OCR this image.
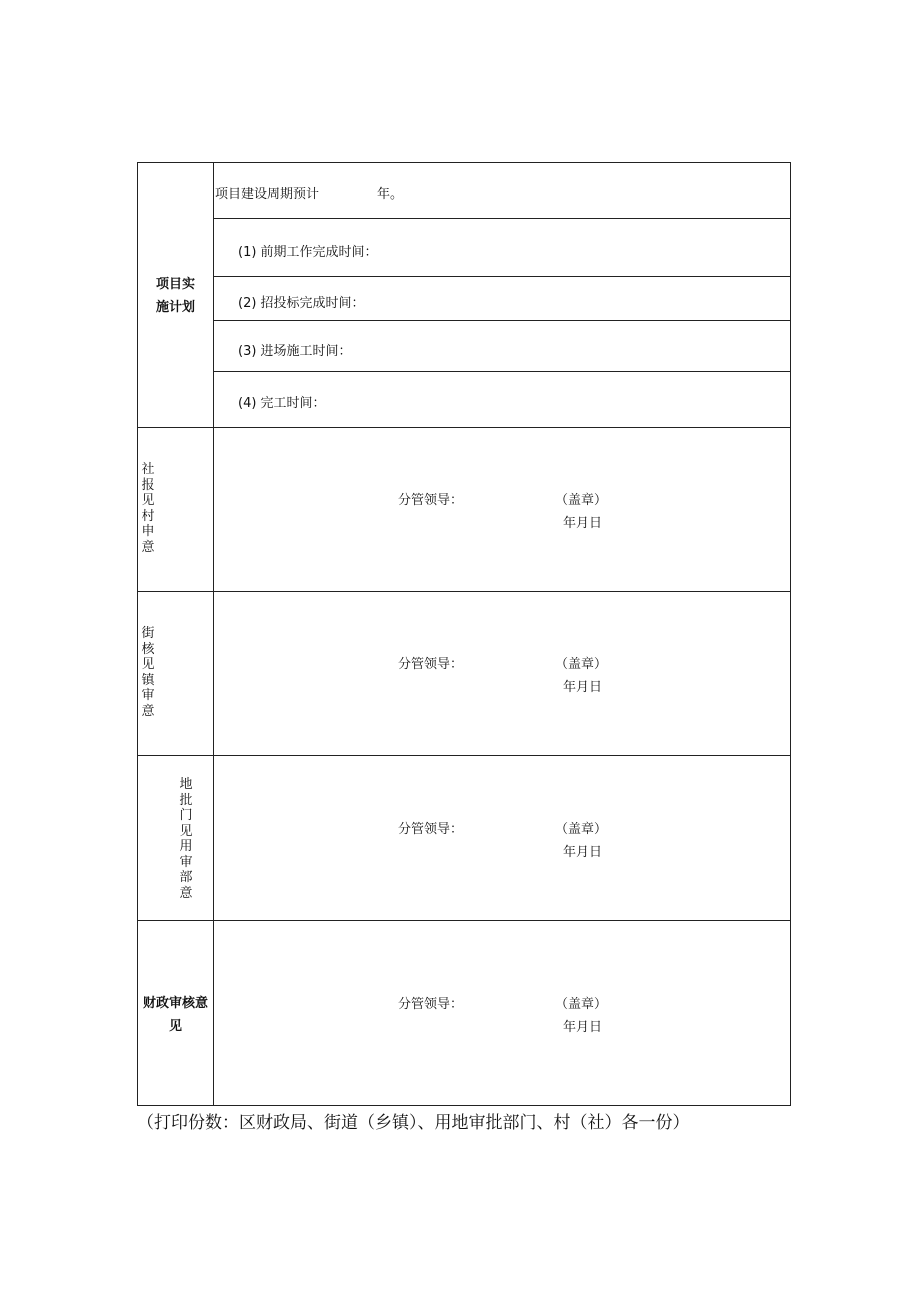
项目实
施计划
项目建设周期预计	年。
(1) 前期工作完成时间：
(2) 招投标完成时间：
(3) 进场施工时间：
(4) 完工时间：
社报见村申意
分管领导：	（盖章）
年月日
街核见镇审意
分管领导：	（盖章）
年月日
地批门见用审部意
分管领导：	（盖章）
年月日
财政审核意
见
分管领导：	（盖章）
年月日
（打印份数：区财政局、街道（乡镇）、用地审批部门、村（社）各一份）
